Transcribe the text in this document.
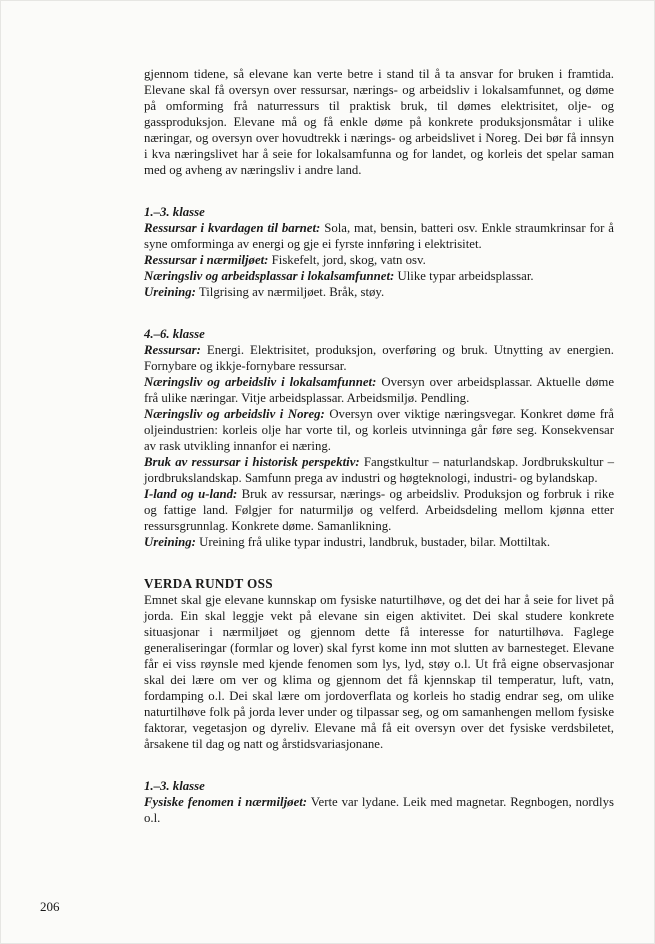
gjennom tidene, så elevane kan verte betre i stand til å ta ansvar for bruken i framtida. Elevane skal få oversyn over ressursar, nærings- og arbeidsliv i lokalsamfunnet, og døme på omforming frå naturressurs til praktisk bruk, til dømes elektrisitet, olje- og gassproduksjon. Elevane må og få enkle døme på konkrete produksjonsmåtar i ulike næringar, og oversyn over hovudtrekk i nærings- og arbeidslivet i Noreg. Dei bør få innsyn i kva næringslivet har å seie for lokalsamfunna og for landet, og korleis det spelar saman med og avheng av næringsliv i andre land.

1.–3. klasse

Ressursar i kvardagen til barnet: Sola, mat, bensin, batteri osv. Enkle straumkrinsar for å syne omforminga av energi og gje ei fyrste innføring i elektrisitet.

Ressursar i nærmiljøet: Fiskefelt, jord, skog, vatn osv.

Næringsliv og arbeidsplassar i lokalsamfunnet: Ulike typar arbeidsplassar.

Ureining: Tilgrising av nærmiljøet. Bråk, støy.

4.–6. klasse

Ressursar: Energi. Elektrisitet, produksjon, overføring og bruk. Utnytting av energien. Fornybare og ikkje-fornybare ressursar.

Næringsliv og arbeidsliv i lokalsamfunnet: Oversyn over arbeidsplassar. Aktuelle døme frå ulike næringar. Vitje arbeidsplassar. Arbeidsmiljø. Pendling.

Næringsliv og arbeidsliv i Noreg: Oversyn over viktige næringsvegar. Konkret døme frå oljeindustrien: korleis olje har vorte til, og korleis utvinninga går føre seg. Konsekvensar av rask utvikling innanfor ei næring.

Bruk av ressursar i historisk perspektiv: Fangstkultur – naturlandskap. Jordbrukskultur – jordbrukslandskap. Samfunn prega av industri og høgteknologi, industri- og bylandskap.

I-land og u-land: Bruk av ressursar, nærings- og arbeidsliv. Produksjon og forbruk i rike og fattige land. Følgjer for naturmiljø og velferd. Arbeidsdeling mellom kjønna etter ressursgrunnlag. Konkrete døme. Samanlikning.

Ureining: Ureining frå ulike typar industri, landbruk, bustader, bilar. Mottiltak.

VERDA RUNDT OSS

Emnet skal gje elevane kunnskap om fysiske naturtilhøve, og det dei har å seie for livet på jorda. Ein skal leggje vekt på elevane sin eigen aktivitet. Dei skal studere konkrete situasjonar i nærmiljøet og gjennom dette få interesse for naturtilhøva. Faglege generaliseringar (formlar og lover) skal fyrst kome inn mot slutten av barnesteget. Elevane får ei viss røynsle med kjende fenomen som lys, lyd, støy o.l. Ut frå eigne observasjonar skal dei lære om ver og klima og gjennom det få kjennskap til temperatur, luft, vatn, fordamping o.l. Dei skal lære om jordoverflata og korleis ho stadig endrar seg, om ulike naturtilhøve folk på jorda lever under og tilpassar seg, og om samanhengen mellom fysiske faktorar, vegetasjon og dyreliv. Elevane må få eit oversyn over det fysiske verdsbiletet, årsakene til dag og natt og årstidsvariasjonane.

1.–3. klasse

Fysiske fenomen i nærmiljøet: Verte var lydane. Leik med magnetar. Regnbogen, nordlys o.l.

206
